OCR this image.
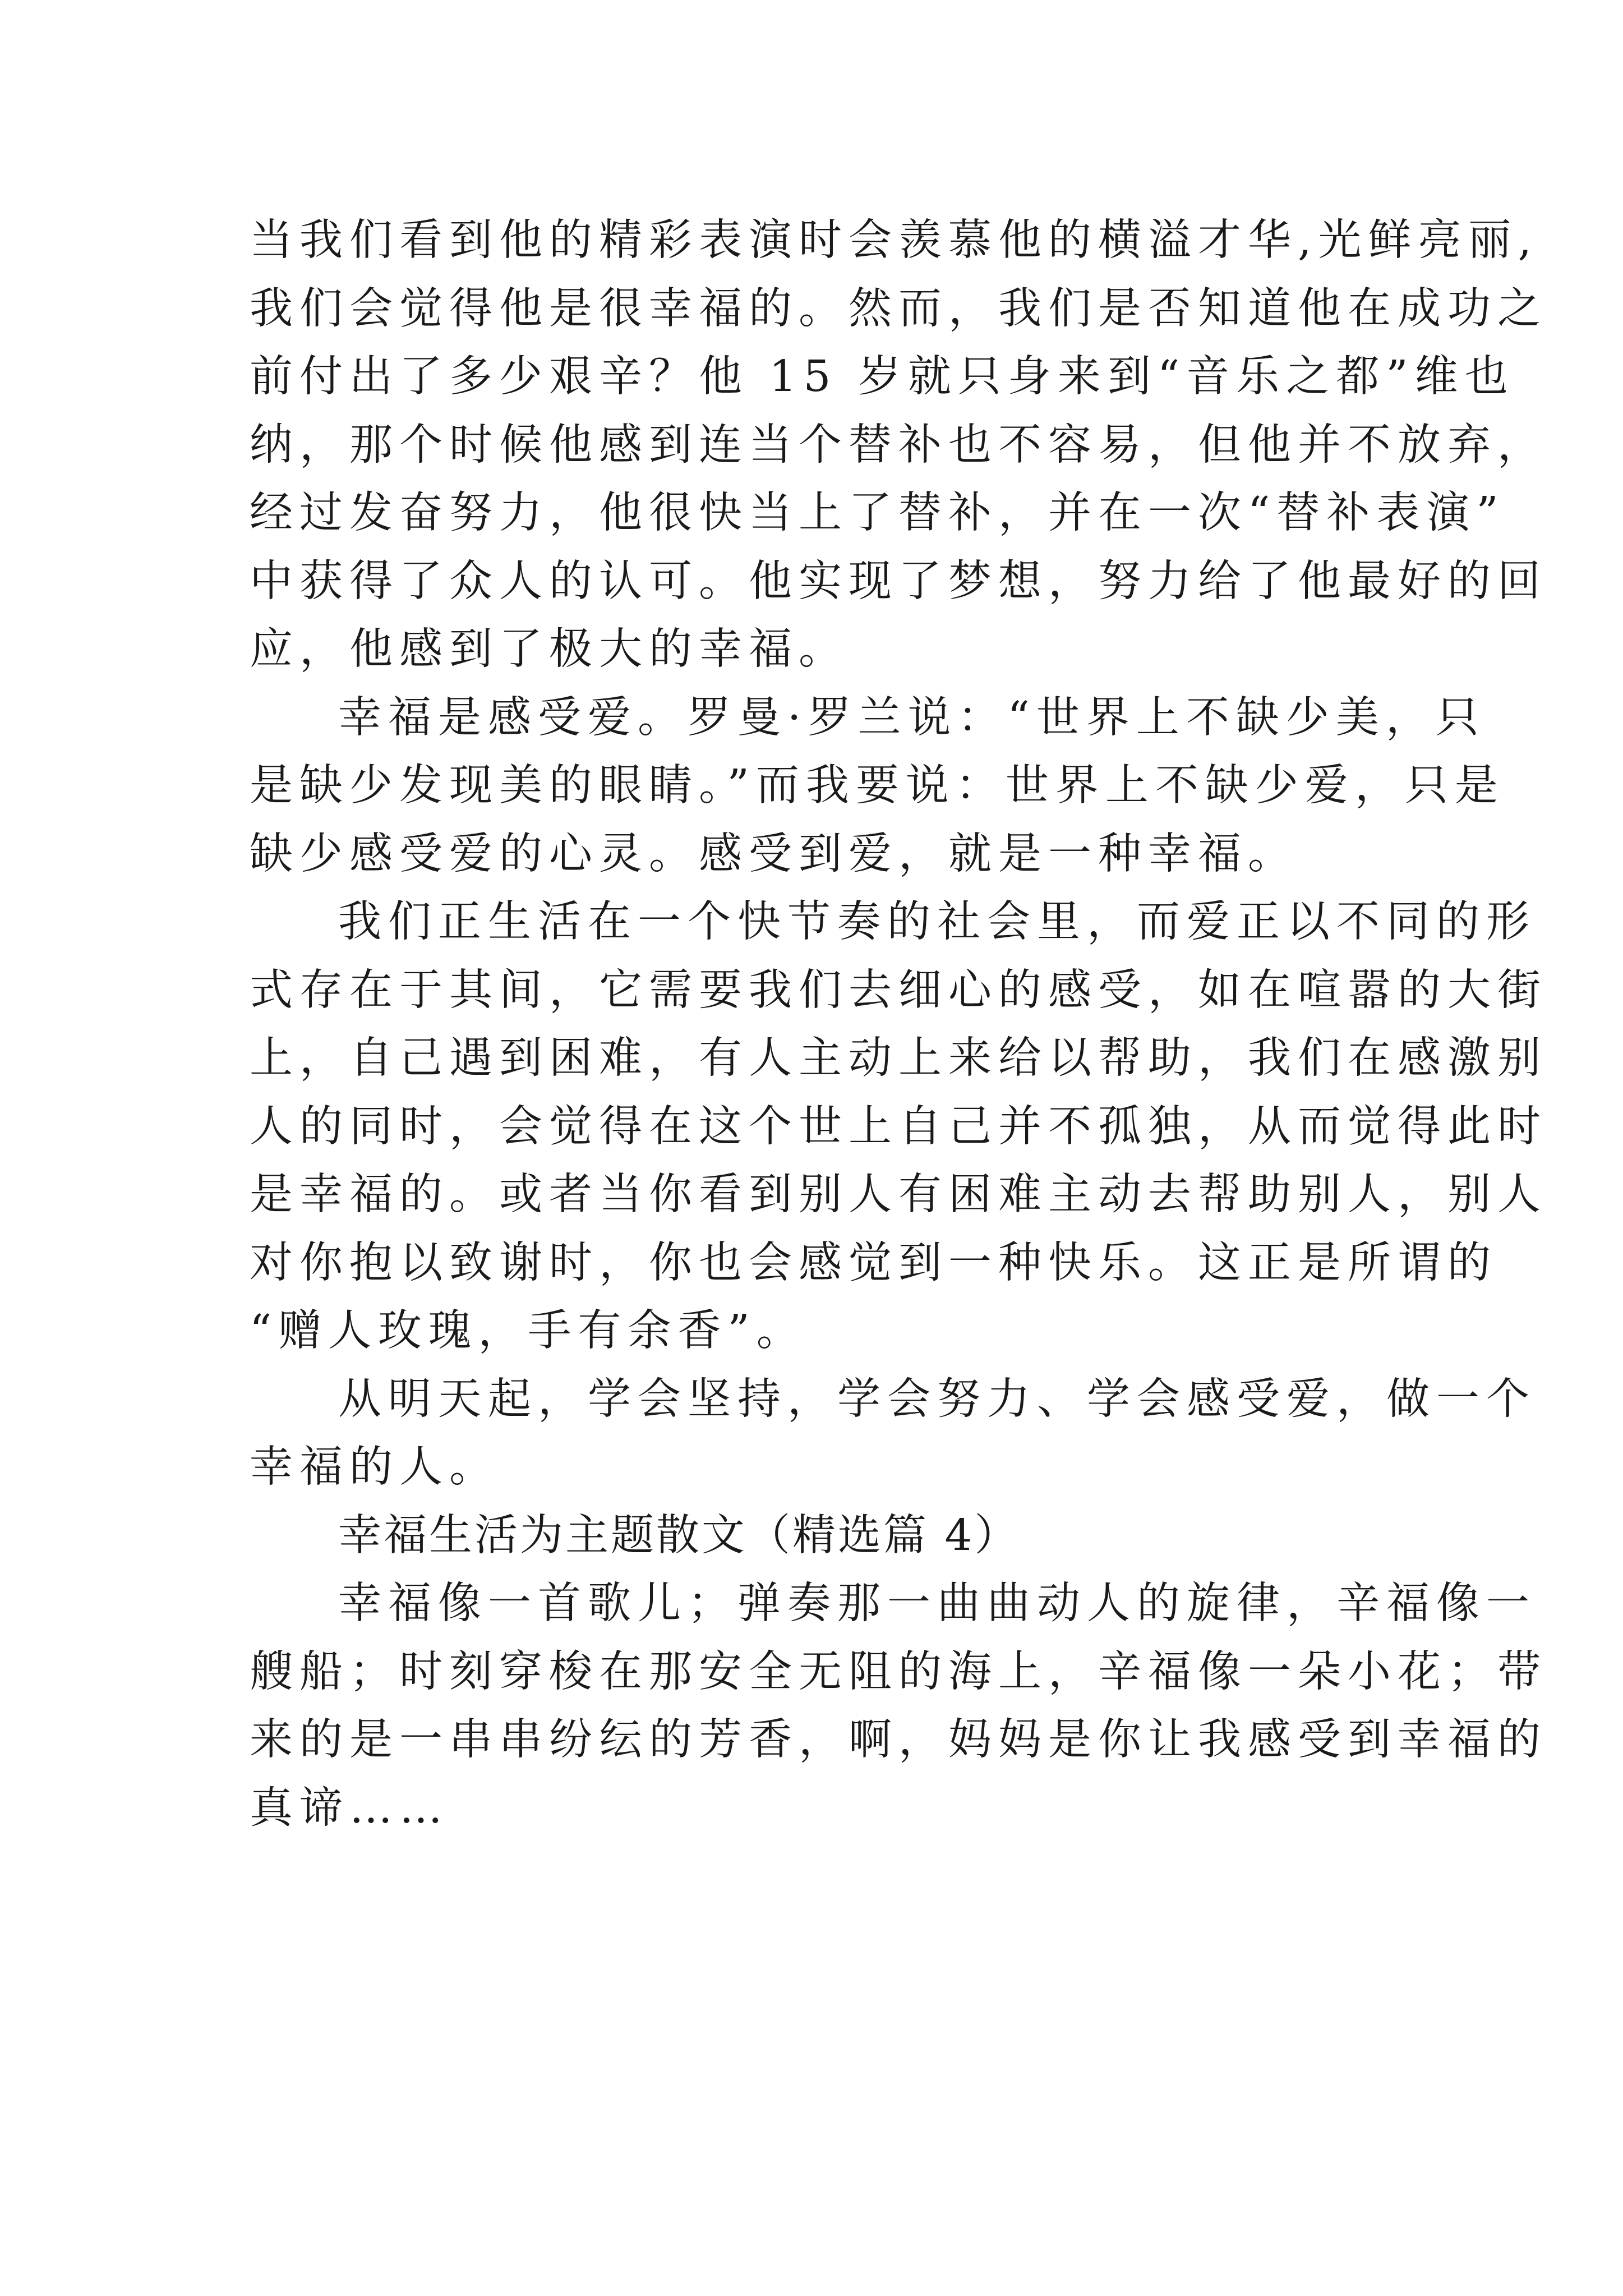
当我们看到他的精彩表演时会羡慕他的横溢才华,光鲜亮丽,
我们会觉得他是很幸福的。然而，我们是否知道他在成功之
前付出了多少艰辛？他 15 岁就只身来到“音乐之都”维也
纳，那个时候他感到连当个替补也不容易，但他并不放弃，
经过发奋努力，他很快当上了替补，并在一次“替补表演”
中获得了众人的认可。他实现了梦想，努力给了他最好的回
应，他感到了极大的幸福。
幸福是感受爱。罗曼·罗兰说：“世界上不缺少美，只
是缺少发现美的眼睛。”而我要说：世界上不缺少爱，只是
缺少感受爱的心灵。感受到爱，就是一种幸福。
我们正生活在一个快节奏的社会里，而爱正以不同的形
式存在于其间，它需要我们去细心的感受，如在喧嚣的大街
上，自己遇到困难，有人主动上来给以帮助，我们在感激别
人的同时，会觉得在这个世上自己并不孤独，从而觉得此时
是幸福的。或者当你看到别人有困难主动去帮助别人，别人
对你抱以致谢时，你也会感觉到一种快乐。这正是所谓的
“赠人玫瑰，手有余香”。
从明天起，学会坚持，学会努力、学会感受爱，做一个
幸福的人。
幸福生活为主题散文（精选篇 4）
幸福像一首歌儿；弹奏那一曲曲动人的旋律，辛福像一
艘船；时刻穿梭在那安全无阻的海上，辛福像一朵小花；带
来的是一串串纷纭的芳香，啊，妈妈是你让我感受到幸福的
真谛……
